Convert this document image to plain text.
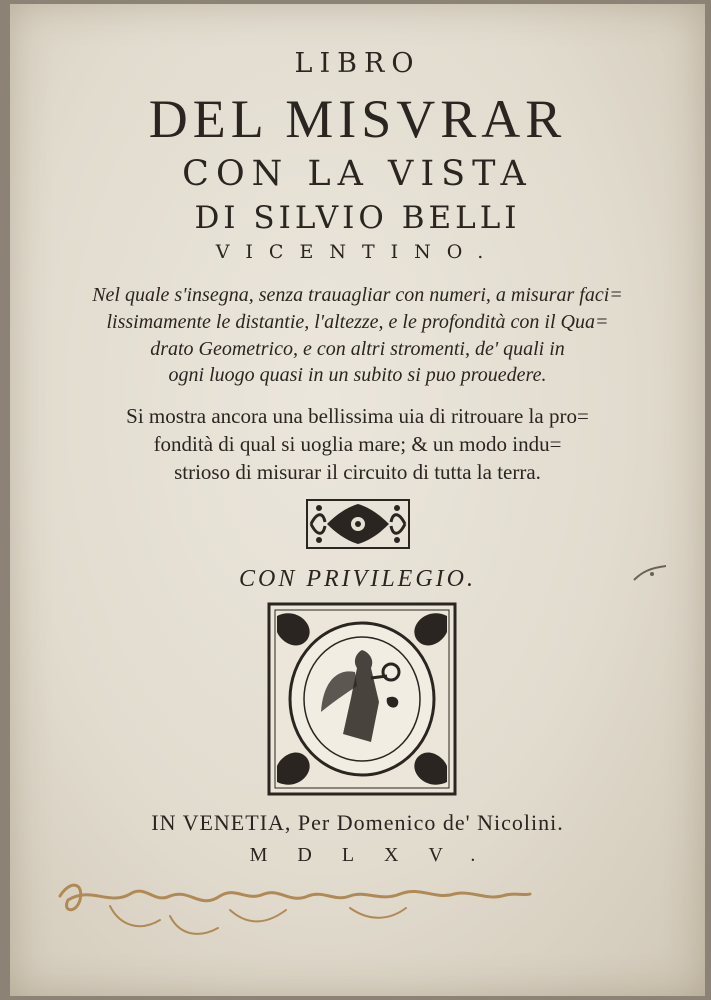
LIBRO
DEL MISVRAR
CON LA VISTA
DI SILVIO BELLI
VICENTINO.
Nel quale s'insegna, senza trauagliar con numeri, a misurar faci=
lissimamente le distantie, l'altezze, e le profondità con il Qua=
drato Geometrico, e con altri stromenti, de' quali in
ogni luogo quasi in un subito si puo prouedere.
Si mostra ancora una bellissima uia di ritrouare la pro=
fondità di qual si uoglia mare; & un modo indu=
strioso di misurar il circuito di tutta la terra.
CON PRIVILEGIO.
IN VENETIA, Per Domenico de' Nicolini.
MDLXV.
